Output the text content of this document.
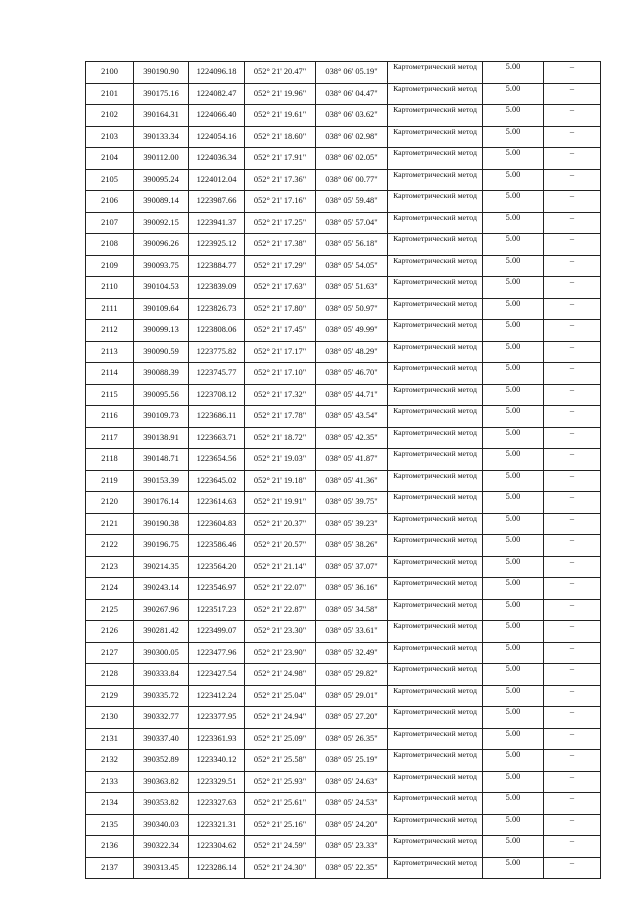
2100	390190.90	1224096.18	052° 21' 20.47"	038° 06' 05.19"	Картометрический метод	5.00	–
2101	390175.16	1224082.47	052° 21' 19.96"	038° 06' 04.47"	Картометрический метод	5.00	–
2102	390164.31	1224066.40	052° 21' 19.61"	038° 06' 03.62"	Картометрический метод	5.00	–
2103	390133.34	1224054.16	052° 21' 18.60"	038° 06' 02.98"	Картометрический метод	5.00	–
2104	390112.00	1224036.34	052° 21' 17.91"	038° 06' 02.05"	Картометрический метод	5.00	–
2105	390095.24	1224012.04	052° 21' 17.36"	038° 06' 00.77"	Картометрический метод	5.00	–
2106	390089.14	1223987.66	052° 21' 17.16"	038° 05' 59.48"	Картометрический метод	5.00	–
2107	390092.15	1223941.37	052° 21' 17.25"	038° 05' 57.04"	Картометрический метод	5.00	–
2108	390096.26	1223925.12	052° 21' 17.38"	038° 05' 56.18"	Картометрический метод	5.00	–
2109	390093.75	1223884.77	052° 21' 17.29"	038° 05' 54.05"	Картометрический метод	5.00	–
2110	390104.53	1223839.09	052° 21' 17.63"	038° 05' 51.63"	Картометрический метод	5.00	–
2111	390109.64	1223826.73	052° 21' 17.80"	038° 05' 50.97"	Картометрический метод	5.00	–
2112	390099.13	1223808.06	052° 21' 17.45"	038° 05' 49.99"	Картометрический метод	5.00	–
2113	390090.59	1223775.82	052° 21' 17.17"	038° 05' 48.29"	Картометрический метод	5.00	–
2114	390088.39	1223745.77	052° 21' 17.10"	038° 05' 46.70"	Картометрический метод	5.00	–
2115	390095.56	1223708.12	052° 21' 17.32"	038° 05' 44.71"	Картометрический метод	5.00	–
2116	390109.73	1223686.11	052° 21' 17.78"	038° 05' 43.54"	Картометрический метод	5.00	–
2117	390138.91	1223663.71	052° 21' 18.72"	038° 05' 42.35"	Картометрический метод	5.00	–
2118	390148.71	1223654.56	052° 21' 19.03"	038° 05' 41.87"	Картометрический метод	5.00	–
2119	390153.39	1223645.02	052° 21' 19.18"	038° 05' 41.36"	Картометрический метод	5.00	–
2120	390176.14	1223614.63	052° 21' 19.91"	038° 05' 39.75"	Картометрический метод	5.00	–
2121	390190.38	1223604.83	052° 21' 20.37"	038° 05' 39.23"	Картометрический метод	5.00	–
2122	390196.75	1223586.46	052° 21' 20.57"	038° 05' 38.26"	Картометрический метод	5.00	–
2123	390214.35	1223564.20	052° 21' 21.14"	038° 05' 37.07"	Картометрический метод	5.00	–
2124	390243.14	1223546.97	052° 21' 22.07"	038° 05' 36.16"	Картометрический метод	5.00	–
2125	390267.96	1223517.23	052° 21' 22.87"	038° 05' 34.58"	Картометрический метод	5.00	–
2126	390281.42	1223499.07	052° 21' 23.30"	038° 05' 33.61"	Картометрический метод	5.00	–
2127	390300.05	1223477.96	052° 21' 23.90"	038° 05' 32.49"	Картометрический метод	5.00	–
2128	390333.84	1223427.54	052° 21' 24.98"	038° 05' 29.82"	Картометрический метод	5.00	–
2129	390335.72	1223412.24	052° 21' 25.04"	038° 05' 29.01"	Картометрический метод	5.00	–
2130	390332.77	1223377.95	052° 21' 24.94"	038° 05' 27.20"	Картометрический метод	5.00	–
2131	390337.40	1223361.93	052° 21' 25.09"	038° 05' 26.35"	Картометрический метод	5.00	–
2132	390352.89	1223340.12	052° 21' 25.58"	038° 05' 25.19"	Картометрический метод	5.00	–
2133	390363.82	1223329.51	052° 21' 25.93"	038° 05' 24.63"	Картометрический метод	5.00	–
2134	390353.82	1223327.63	052° 21' 25.61"	038° 05' 24.53"	Картометрический метод	5.00	–
2135	390340.03	1223321.31	052° 21' 25.16"	038° 05' 24.20"	Картометрический метод	5.00	–
2136	390322.34	1223304.62	052° 21' 24.59"	038° 05' 23.33"	Картометрический метод	5.00	–
2137	390313.45	1223286.14	052° 21' 24.30"	038° 05' 22.35"	Картометрический метод	5.00	–
